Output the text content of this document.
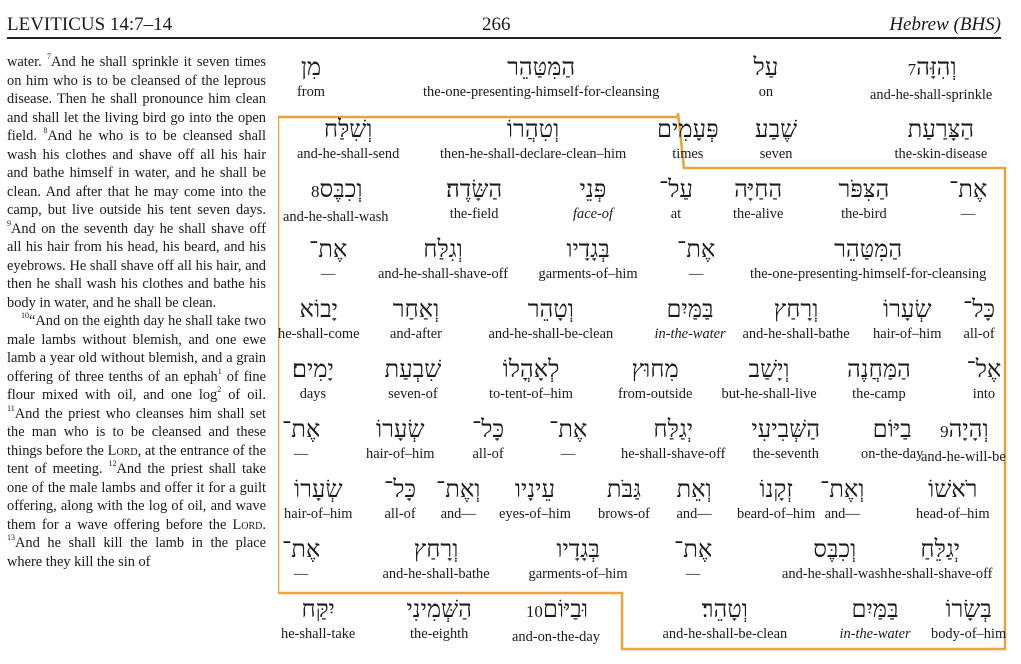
LEVITICUS 14:7–14	266	Hebrew (BHS)

water. $^7$And he shall sprinkle it seven times on him who is to be cleansed of the leprous disease. Then he shall pronounce him clean and shall let the living bird go into the open field. $^8$And he who is to be cleansed shall wash his clothes and shave off all his hair and bathe himself in water, and he shall be clean. And after that he may come into the camp, but live outside his tent seven days. $^9$And on the seventh day he shall shave off all his hair from his head, his beard, and his eyebrows. He shall shave off all his hair, and then he shall wash his clothes and bathe his body in water, and he shall be clean.

$^{10}$“And on the eighth day he shall take two male lambs without blemish, and one ewe lamb a year old without blemish, and a grain offering of three tenths of an ephah$^1$ of fine flour mixed with oil, and one $\log^2$ of oil. $^{11}$And the priest who cleanses him shall set the man who is to be cleansed and these things before the Lord, at the entrance of the tent of meeting. $^{12}$And the priest shall take one of the male lambs and offer it for a guilt offering, along with the log of oil, and wave them for a wave offering before the Lord. $^{13}$And he shall kill the lamb in the place where they kill the sin of

מִן
from
הַמִּטַּהֵר
the-one-presenting-himself-for-cleansing
עַל
on
וְהִזָּה7
and-he-shall-sprinkle
וְשִׁלַּח
and-he-shall-send
וְטִהֲרוֹ
then-he-shall-declare-clean–him
פְּעָמִים
times
שֶׁבַע
seven
הַצָּרַעַת
the-skin-disease
וְכִבֶּס8
and-he-shall-wash
הַשָּׂדֶה׃
the-field
פְּנֵי
face-of
עַל־
at
הַחַיָּה
the-alive
הַצִּפֹּר
the-bird
אֶת־
—
אֶת־
—
וְגִלַּח
and-he-shall-shave-off
בְּגָדָיו
garments-of–him
אֶת־
—
הַמִּטַּהֵר
the-one-presenting-himself-for-cleansing
יָבוֹא
he-shall-come
וְאַחַר
and-after
וְטָהֵר
and-he-shall-be-clean
בַּמַּיִם
in-the-water
וְרָחַץ
and-he-shall-bathe
שְׂעָרוֹ
hair-of–him
כָּל־
all-of
יָמִים׃
days
שִׁבְעַת
seven-of
לְאָהֳלוֹ
to-tent-of–him
מִחוּץ
from-outside
וְיָשַׁב
but-he-shall-live
הַמַּחֲנֶה
the-camp
אֶל־
into
אֶת־
—
שְׂעָרוֹ
hair-of–him
כָּל־
all-of
אֶת־
—
יְגַלַּח
he-shall-shave-off
הַשְּׁבִיעִי
the-seventh
בַיּוֹם
on-the-day
וְהָיָה9
and-he-will-be
שְׂעָרוֹ
hair-of–him
כָּל־
all-of
וְאֶת־
and—
עֵינָיו
eyes-of–him
גַּבֹּת
brows-of
וְאֵת
and—
זְקָנוֹ
beard-of–him
וְאֶת־
and—
רֹאשׁוֹ
head-of–him
אֶת־
—
וְרָחַץ
and-he-shall-bathe
בְּגָדָיו
garments-of–him
אֶת־
—
וְכִבֶּס
and-he-shall-wash
יְגַלֵּחַ
he-shall-shave-off
יִקַּח
he-shall-take
הַשְּׁמִינִי
the-eighth
וּבַיּוֹם10
and-on-the-day
וְטָהֵר׃
and-he-shall-be-clean
בַּמַּיִם
in-the-water
בְּשָׂרוֹ
body-of–him
